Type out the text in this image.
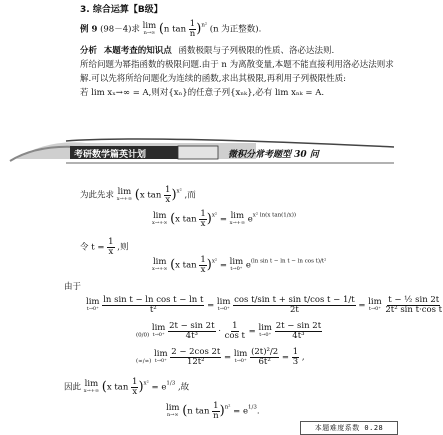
3. 综合运算【B级】
例 9 (98－4)求 lim
n→∞ (n $\tan \frac{1}{n} )^{n^2}$ (n 为正整数).
分析 本题考查的知识点 函数极限与子列极限的性质、洛必达法则.
所给问题为幂指函数的极限问题.由于 n 为离散变量,本题不能直接利用洛必达法则求
解.可以先将所给问题化为连续的函数,求出其极限,再利用子列极限性质:
若 lim xₓ→∞ = A,则对{xₙ}的任意子列{xₙₖ},必有 lim xₙₖ = A.
考研数学篇英计划	微积分常考题型 30 问
为此先求 lim
x→+∞ (x $\tan \frac{1}{x} )^{x^2}$ ,而
lim
x→+∞ (x $\tan \frac{1}{x} )^{x^2} = \lim$
x→+∞ $e^{x^2 ln(x tan(1/x))}$
令 $t = \frac{1}{x}$ ,则
lim
x→+∞ (x $\tan \frac{1}{x} )^{x^2} = \lim$
t→0⁺ $e^{(ln sin t - ln t - ln cos t)/t^2}$
由于
lim
t→0⁺
$\frac{\text{ln sin t − ln cos t − ln t}}{\text{t²}} = \lim$
t→0⁺
$\frac{\text{cos t/sin t + sin t/cos t − 1/t}}{2t} = \lim$
t→0⁺
$\frac{\text{t − ½ sin 2t}}{\text{2t² sin t·cos t}}$
$_{(0/0)}$
lim
t→0⁺
$\frac{2t - \sin 2t}{\text{4t³}} \cdot \frac{1}{\text{cos t}} = \lim$
t→0⁺
$\frac{2t - \sin 2t}{\text{4t³}}$
$_{(\infty/\infty)}$
lim
t→0⁺
$\frac{2 - 2\cos 2t}{\text{12t²}} = \lim$
t→0⁺
$\frac{\text{(2t)²/2}}{\text{6t²}} = \frac{1}{3}$ ,
因此 lim
x→+∞ (x $\tan \frac{1}{x} )^{x^2} = e^{1/3}$ ,故
lim
n→∞ (n $\tan \frac{1}{n} )^{n^2} = e^{1/3}$.
本题难度系数 0.28
